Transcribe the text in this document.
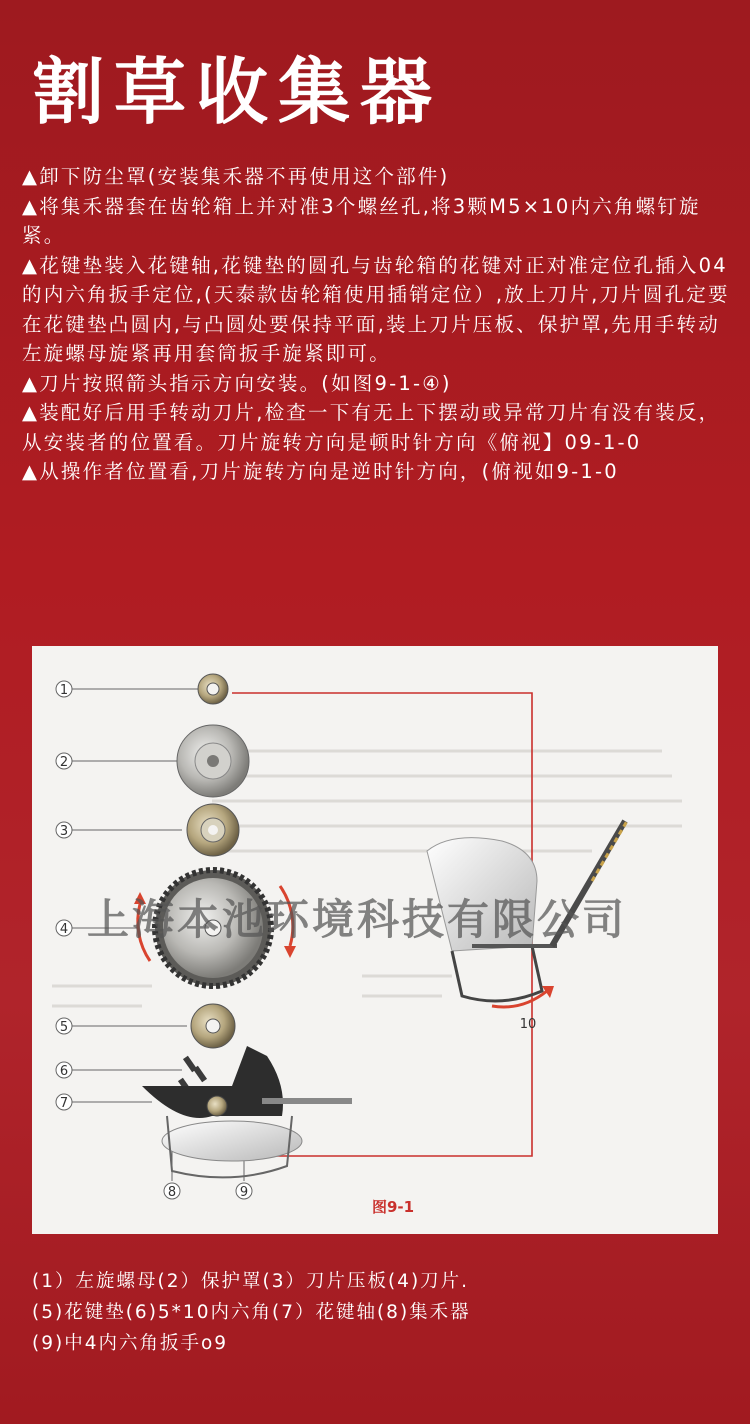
割草收集器

▲卸下防尘罩(安装集禾器不再使用这个部件)

▲将集禾器套在齿轮箱上并对准3个螺丝孔,将3颗M5×10内六角螺钉旋紧。

▲花键垫装入花键轴,花键垫的圆孔与齿轮箱的花键对正对准定位孔插入04的内六角扳手定位,(天泰款齿轮箱使用插销定位）,放上刀片,刀片圆孔定要在花键垫凸圆内,与凸圆处要保持平面,装上刀片压板、保护罩,先用手转动左旋螺母旋紧再用套筒扳手旋紧即可。

▲刀片按照箭头指示方向安装。(如图9-1-④)

▲装配好后用手转动刀片,检查一下有无上下摆动或异常刀片有没有装反，从安装者的位置看。刀片旋转方向是顿时针方向《俯视】09-1-0

▲从操作者位置看,刀片旋转方向是逆时针方向，(俯视如9-1-0

1
2
3
4
5
6
7
8	9
10
上海本池环境科技有限公司
图9-1

(1）左旋螺母(2）保护罩(3）刀片压板(4)刀片.

(5)花键垫(6)5*10内六角(7）花键轴(8)集禾器

(9)中4内六角扳手o9
